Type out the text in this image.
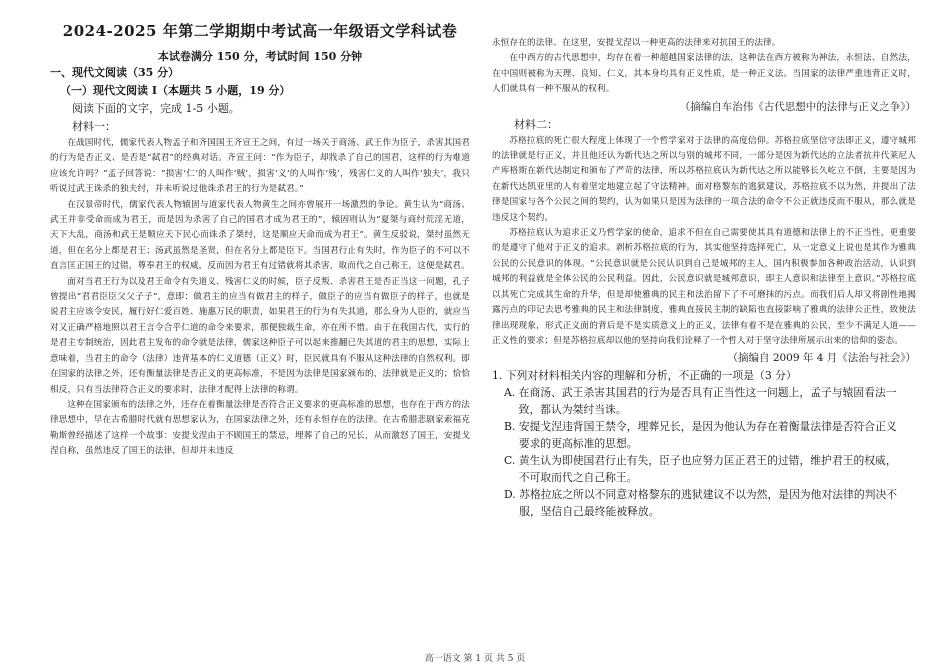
2024-2025 年第二学期期中考试高一年级语文学科试卷
本试卷满分 150 分，考试时间 150 分钟

一、现代文阅读（35 分）

（一）现代文阅读 I（本题共 5 小题，19 分）

阅读下面的文字，完成 1-5 小题。

材料一：

在战国时代，儒家代表人物孟子和齐国国王齐宣王之间，有过一场关于商汤、武王作为臣子，杀害其国君的行为是否正义、是否是“弑君”的经典对话。齐宣王问：“作为臣子，却戕杀了自己的国君，这样的行为难道应该允许吗？”孟子回答说：“损害‘仁’的人叫作‘贼’，损害‘义’的人叫作‘残’，残害仁义的人叫作‘独夫’，我只听说过武王诛杀的独夫纣，并未听说过他诛杀君王的行为是弑君。”

在汉景帝时代，儒家代表人物辕固与道家代表人物黄生之间亦曾展开一场激烈的争论。黄生认为“商汤、武王并非受命而成为君王，而是因为杀害了自己的国君才成为君王的”，辕固则认为“夏桀与商纣荒淫无道，天下大乱，商汤和武王是顺应天下民心而诛杀了桀纣，这是顺应天命而成为君王”。黄生反驳说，桀纣虽然无道，但在名分上都是君王；汤武虽然是圣贤，但在名分上都是臣下。当国君行止有失时，作为臣子的不可以不直言匡正国王的过错，尊奉君王的权威，反而因为君王有过错就将其杀害，取而代之自己称王，这便是弑君。

面对当君王行为以及君王命令有失道义、残害仁义的时候，臣子反叛、杀害君王是否正当这一问题，孔子曾提出“君君臣臣父父子子”，意即：做君主的应当有做君主的样子，做臣子的应当有做臣子的样子，也就是说君主应该令安民，履行好仁爱百姓、施惠万民的职责，如果君王的行为有失其道，那么身为人臣的，就应当对又正确严格地照以君王言令合乎仁道的命令来要求，那便独裁生命，亦在所不惜。由于在我国古代，实行的是君主专制统治，因此君主发布的命令就是法律，儒家这种臣子可以起来推翻已失其道的君主的思想，实际上意味着，当君主的命令（法律）违背基本的仁义道德（正义）时，臣民就具有不服从这种法律的自然权利。即在国家的法律之外，还有衡量法律是否正义的更高标准，不是因为法律是国家颁布的，法律就是正义的；恰恰相反，只有当法律符合正义的要求时，法律才配得上法律的称谓。

这种在国家颁布的法律之外，还存在着衡量法律是否符合正义要求的更高标准的思想，也存在于西方的法律思想中，早在古希腊时代就有思想家认为，在国家法律之外，还有永恒存在的法律。在古希腊悲剧家索福克勒斯曾经描述了这样一个故事：安提戈涅由于不顾国王的禁忌，埋葬了自己的兄长，从而激怒了国王，安提戈涅自称，虽然违反了国王的法律，但却并未违反

永恒存在的法律。在这里，安提戈涅以一种更高的法律来对抗国王的法律。

在中西方的古代思想中，均存在着一种超越国家法律的法，这种法在西方被称为神法，永恒法、自然法，在中国则被称为天理、良知、仁义，其本身均具有正义性质，是一种正义法。当国家的法律严重违背正义时，人们就具有一种不服从的权利。

（摘编自车治伟《古代思想中的法律与正义之争》）

材料二：

苏格拉底的死亡很大程度上体现了一个哲学家对于法律的高度信仰。苏格拉底坚信守法即正义，遵守城邦的法律就是行正义，并且他还认为新代达之所以与别的城邦不同，一部分是因为新代达的立法者抗并代莱尼人产库格斯在新代达制定和颁布了严苛的法律，所以苏格拉底认为新代达之所以能够长久屹立不倒，主要是因为在新代达凯亚里的人有着坚定地建立起了守法精神。面对格黎东的逃狱建议，苏格拉底不以为然，并提出了法律是国家与各个公民之间的契约，认为如果只是因为法律的一项合法的命令不公正就违反而不服从，那么就是违反这个契约。

苏格拉底认为追求正义乃哲学家的使命，追求不但在自己需要使其具有道德和法律上的不正当性，更重要的是遵守了他对于正义的追求。剥析苏格拉底的行为，其实他坚持选择死亡，从一定意义上说也是其作为雅典公民的公民意识的体现。“公民意识就是公民认识到自己是城邦的主人，国内积极参加各种政治活动，认识到城邦的利益就是全体公民的公民利益。因此，公民意识就是城邦意识，即主人意识和法律至上意识。”苏格拉底以其死亡完成其生命的升华，但是却使雅典的民主和法治留下了不可磨抹的污点。而我们后人却又将剧性地揭露污点的印记去思考雅典的民主和法律制度，雅典直接民主制的缺陷也直接影响了雅典的法律公正性，致使法律出现现象，形式正义面的背后是不是实质意义上的正义，法律有着不是在雅典的公民，至少不满足人道——正义性的要求；但是苏格拉底却以他的坚持向我们诠释了一个哲人对于坚守法律所展示出来的信仰的姿态。

（摘编自 2009 年 4 月《法治与社会》）

1. 下列对材料相关内容的理解和分析，不正确的一项是（3 分）

A. 在商汤、武王杀害其国君的行为是否具有正当性这一问题上，孟子与辕固看法一致，都认为桀纣当诛。

B. 安提戈涅违背国王禁令，埋葬兄长，是因为他认为存在着衡量法律是否符合正义要求的更高标准的思想。

C. 黄生认为即使国君行止有失，臣子也应努力匡正君王的过错，维护君王的权威，不可取而代之自己称王。

D. 苏格拉底之所以不同意对格黎东的逃狱建议不以为然，是因为他对法律的判决不服，坚信自己最终能被释放。

高一语文 第 1 页 共 5 页
